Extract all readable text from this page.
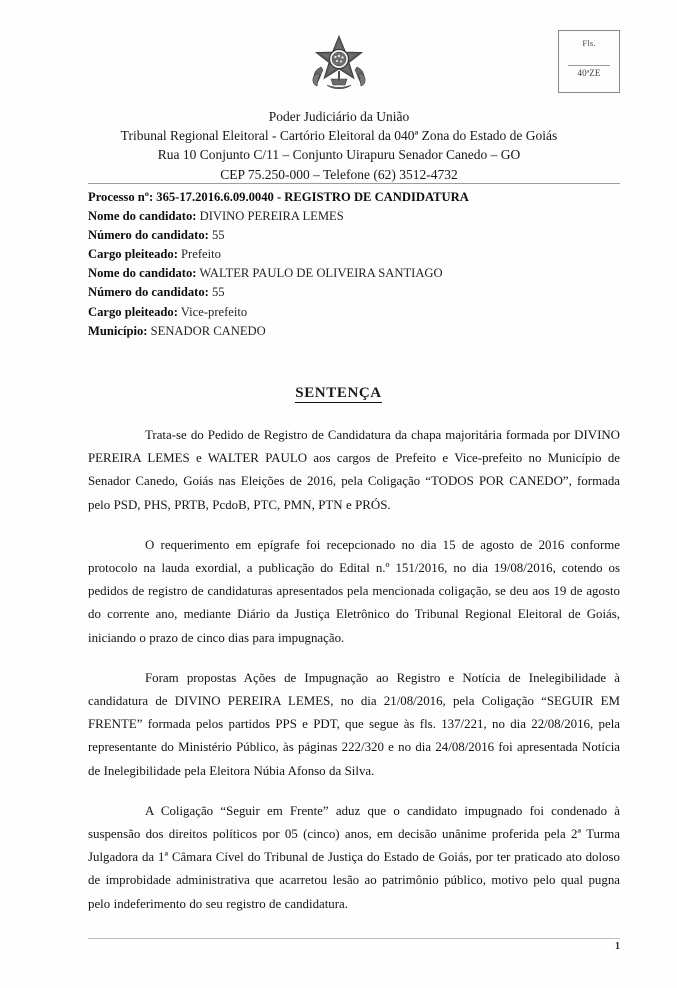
Fls.
40ªZE
Poder Judiciário da União
Tribunal Regional Eleitoral - Cartório Eleitoral da 040ª Zona do Estado de Goiás
Rua 10 Conjunto C/11 – Conjunto Uirapuru Senador Canedo – GO
CEP 75.250-000 – Telefone (62) 3512-4732
Processo nº: 365-17.2016.6.09.0040 - REGISTRO DE CANDIDATURA
Nome do candidato: DIVINO PEREIRA LEMES
Número do candidato: 55
Cargo pleiteado: Prefeito
Nome do candidato: WALTER PAULO DE OLIVEIRA SANTIAGO
Número do candidato: 55
Cargo pleiteado: Vice-prefeito
Município: SENADOR CANEDO
SENTENÇA

Trata-se do Pedido de Registro de Candidatura da chapa majoritária formada por DIVINO PEREIRA LEMES e WALTER PAULO aos cargos de Prefeito e Vice-prefeito no Município de Senador Canedo, Goiás nas Eleições de 2016, pela Coligação “TODOS POR CANEDO”, formada pelo PSD, PHS, PRTB, PcdoB, PTC, PMN, PTN e PRÓS.

O requerimento em epígrafe foi recepcionado no dia 15 de agosto de 2016 conforme protocolo na lauda exordial, a publicação do Edital n.º 151/2016, no dia 19/08/2016, cotendo os pedidos de registro de candidaturas apresentados pela mencionada coligação, se deu aos 19 de agosto do corrente ano, mediante Diário da Justiça Eletrônico do Tribunal Regional Eleitoral de Goiás, iniciando o prazo de cinco dias para impugnação.

Foram propostas Ações de Impugnação ao Registro e Notícia de Inelegibilidade à candidatura de DIVINO PEREIRA LEMES, no dia 21/08/2016, pela Coligação “SEGUIR EM FRENTE” formada pelos partidos PPS e PDT, que segue às fls. 137/221, no dia 22/08/2016, pela representante do Ministério Público, às páginas 222/320 e no dia 24/08/2016 foi apresentada Notícia de Inelegibilidade pela Eleitora Núbia Afonso da Silva.

A Coligação “Seguir em Frente” aduz que o candidato impugnado foi condenado à suspensão dos direitos políticos por 05 (cinco) anos, em decisão unânime proferida pela 2ª Turma Julgadora da 1ª Câmara Cível do Tribunal de Justiça do Estado de Goiás, por ter praticado ato doloso de improbidade administrativa que acarretou lesão ao patrimônio público, motivo pelo qual pugna pelo indeferimento do seu registro de candidatura.

1
